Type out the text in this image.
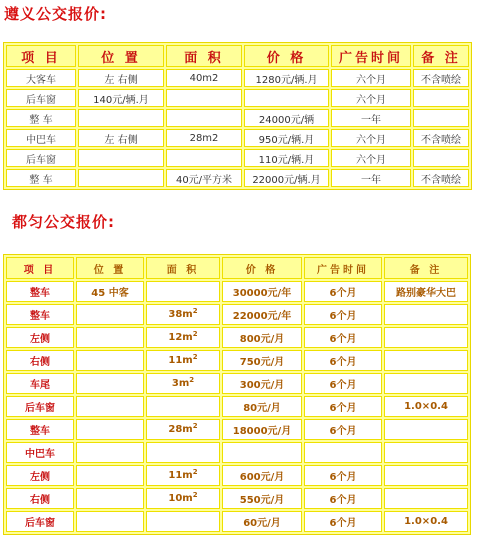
遵义公交报价:
项 目	位 置	面 积	价 格	广告时间	备 注
大客车	左 右侧	40m2	1280元/辆.月	六个月	不含喷绘
后车窗	140元/辆.月			六个月	
整 车			24000元/辆	一年	
中巴车	左 右侧	28m2	950元/辆.月	六个月	不含喷绘
后车窗			110元/辆.月	六个月	
整 车		40元/平方米	22000元/辆.月	一年	不含喷绘
都匀公交报价:
项 目	位 置	面 积	价 格	广告时间	备 注
整车	45 中客		30000元/年	6个月	路别豪华大巴
整车		$38m^2$	22000元/年	6个月	
左侧		$12m^2$	800元/月	6个月	
右侧		$11m^2$	750元/月	6个月	
车尾		$3m^2$	300元/月	6个月	
后车窗			80元/月	6个月	1.0×0.4
整车		$28m^2$	18000元/月	6个月	
中巴车					
左侧		$11m^2$	600元/月	6个月	
右侧		$10m^2$	550元/月	6个月	
后车窗			60元/月	6个月	1.0×0.4
